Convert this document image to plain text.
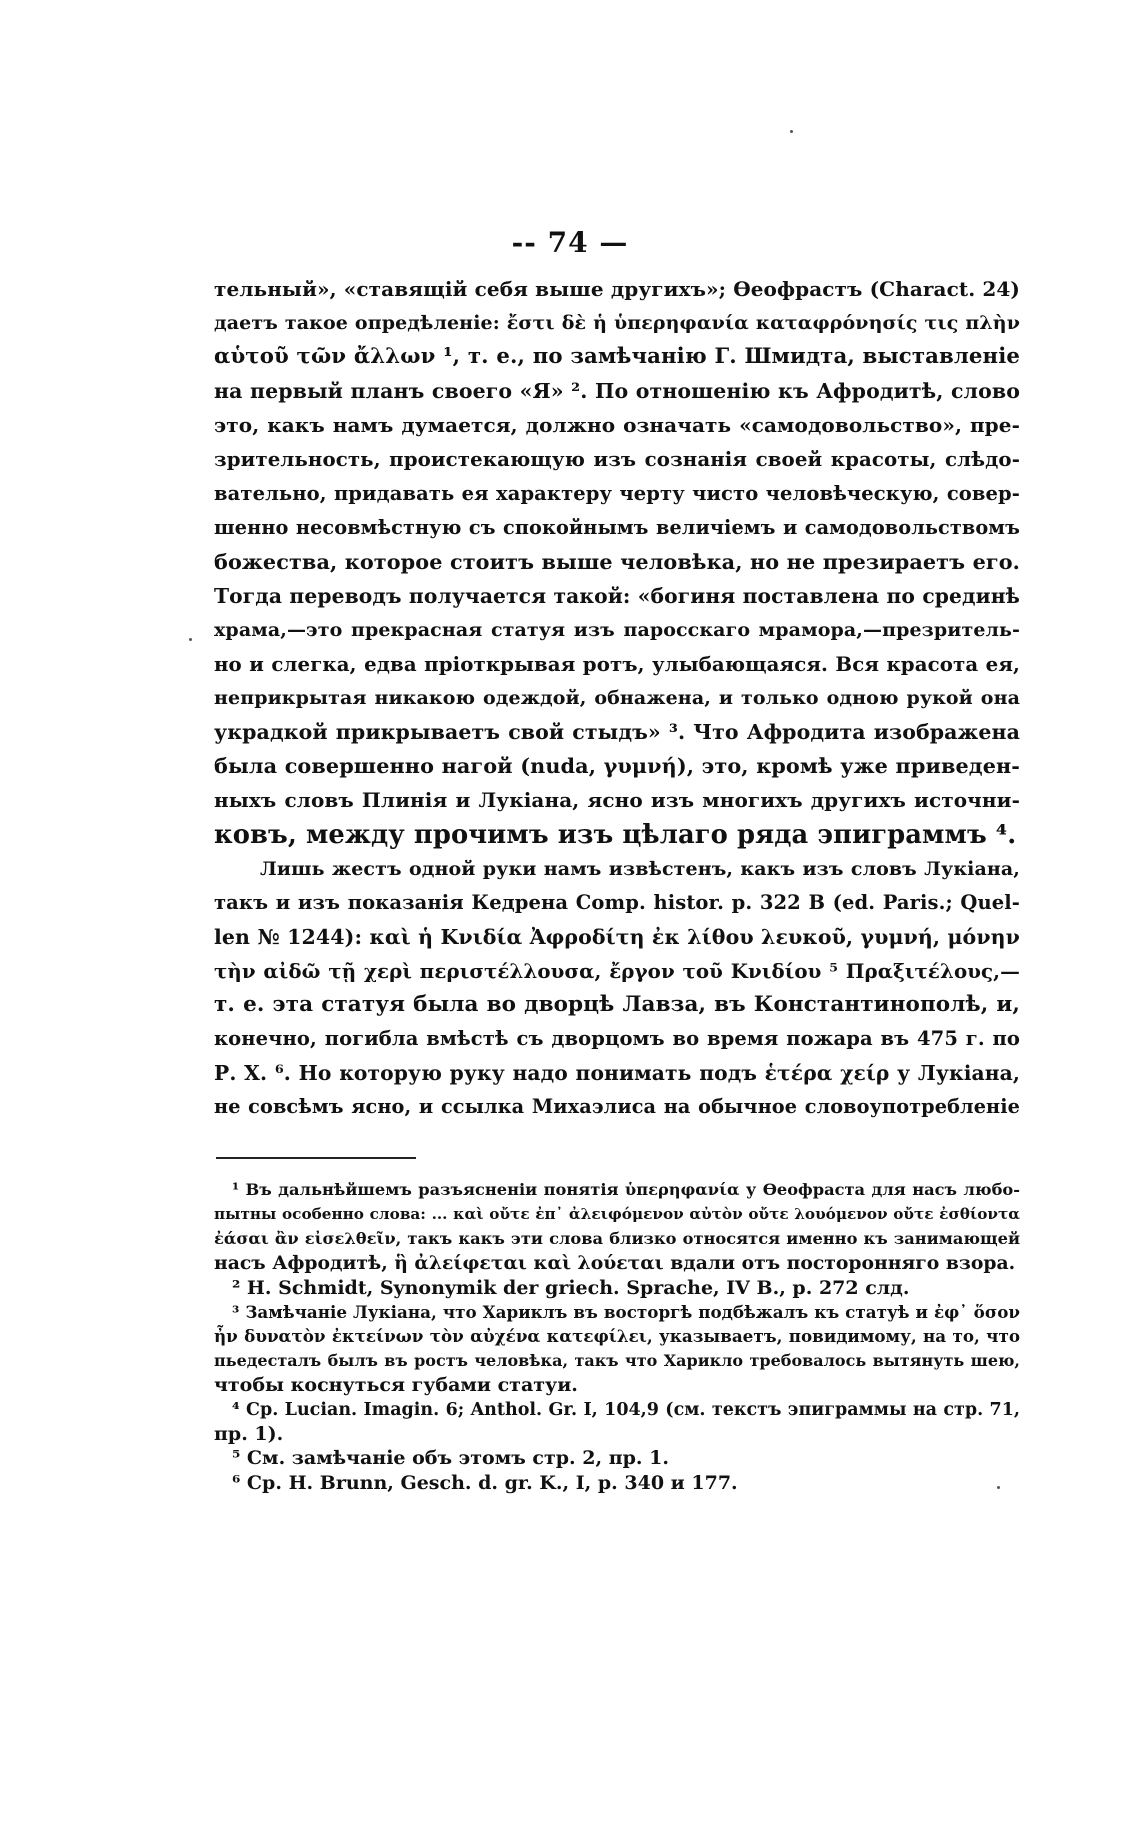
-- 74 —
тельный», «ставящій себя выше другихъ»; Өеофрастъ (Charact. 24)
даетъ такое опредѣленіе: ἔστι δὲ ἡ ὑπερηφανία καταφρόνησίς τις πλὴν
αὑτοῦ τῶν ἄλλων ¹, т. е., по замѣчанію Г. Шмидта, выставленіе
на первый планъ своего «Я» ². По отношенію къ Афродитѣ, слово
это, какъ намъ думается, должно означать «самодовольство», пре-
зрительность, проистекающую изъ сознанія своей красоты, слѣдо-
вательно, придавать ея характеру черту чисто человѣческую, совер-
шенно несовмѣстную съ спокойнымъ величіемъ и самодовольствомъ
божества, которое стоитъ выше человѣка, но не презираетъ его.
Тогда переводъ получается такой: «богиня поставлена по срединѣ
храма,—это прекрасная статуя изъ паросскаго мрамора,—презритель-
но и слегка, едва пріоткрывая ротъ, улыбающаяся. Вся красота ея,
неприкрытая никакою одеждой, обнажена, и только одною рукой она
украдкой прикрываетъ свой стыдъ» ³. Что Афродита изображена
была совершенно нагой (nuda, γυμνή), это, кромѣ уже приведен-
ныхъ словъ Плинія и Лукіана, ясно изъ многихъ другихъ источни-
ковъ, между прочимъ изъ цѣлаго ряда эпиграммъ ⁴.
Лишь жестъ одной руки намъ извѣстенъ, какъ изъ словъ Лукіана,
такъ и изъ показанія Кедрена Comp. histor. p. 322 B (ed. Paris.; Quel-
len № 1244): καὶ ἡ Κνιδία Ἀφροδίτη ἐκ λίθου λευκοῦ, γυμνή, μόνην
τὴν αἰδῶ τῇ χερὶ περιστέλλουσα, ἔργον τοῦ Κνιδίου ⁵ Πραξιτέλους,—
т. е. эта статуя была во дворцѣ Лавза, въ Константинополѣ, и,
конечно, погибла вмѣстѣ съ дворцомъ во время пожара въ 475 г. по
Р. Х. ⁶. Но которую руку надо понимать подъ ἑτέρα χείρ у Лукіана,
не совсѣмъ ясно, и ссылка Михаэлиса на обычное словоупотребленіе
¹ Въ дальнѣйшемъ разъясненіи понятія ὑπερηφανία у Өеофраста для насъ любо-
пытны особенно слова: ... καὶ οὔτε ἐπ᾽ ἀλειφόμενον αὐτὸν οὔτε λουόμενον οὔτε ἐσθίοντα
ἐάσαι ἂν εἰσελθεῖν, такъ какъ эти слова близко относятся именно къ занимающей
насъ Афродитѣ, ἣ ἀλείφεται καὶ λούεται вдали отъ посторонняго взора.
² H. Schmidt, Synonymik der griech. Sprache, IV B., p. 272 слд.
³ Замѣчаніе Лукіана, что Хариклъ въ восторгѣ подбѣжалъ къ статуѣ и ἐφ᾽ ὅσον
ἦν δυνατὸν ἐκτείνων τὸν αὐχένα κατεφίλει, указываетъ, повидимому, на то, что
пьедесталъ былъ въ ростъ человѣка, такъ что Харикло требовалось вытянуть шею,
чтобы коснуться губами статуи.
⁴ Cp. Lucian. Imagin. 6; Anthol. Gr. I, 104,9 (см. текстъ эпиграммы на стр. 71,
пр. 1).
⁵ См. замѣчаніе объ этомъ стр. 2, пр. 1.
⁶ Cp. H. Brunn, Gesch. d. gr. K., I, p. 340 и 177.
